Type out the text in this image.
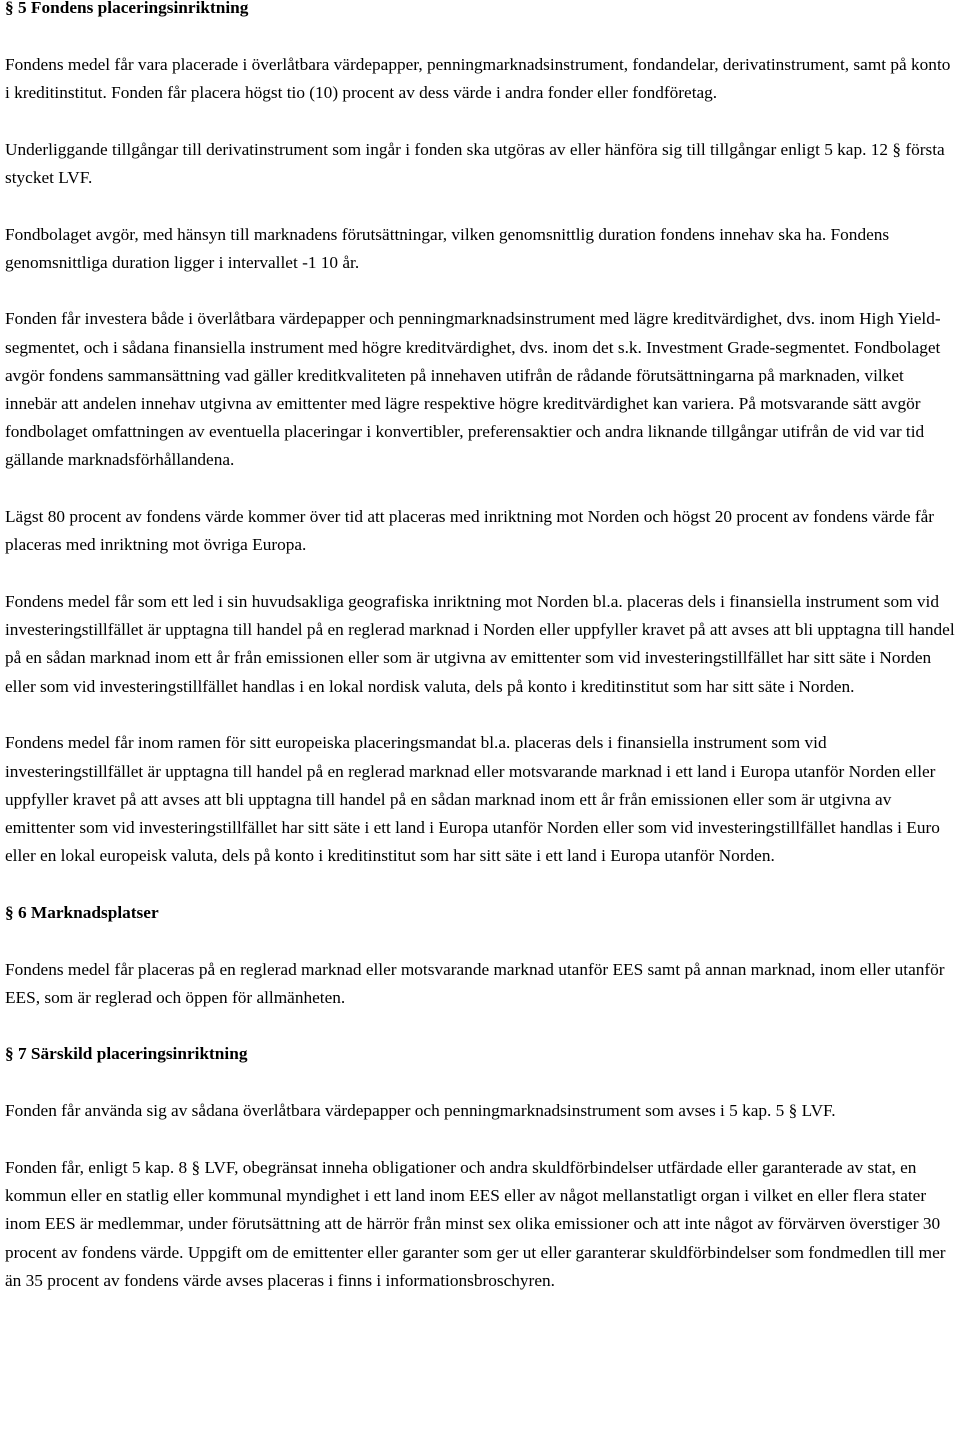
§ 5 Fondens placeringsinriktning

Fondens medel får vara placerade i överlåtbara värdepapper, penningmarknadsinstrument, fondandelar, derivatinstrument, samt på konto i kreditinstitut. Fonden får placera högst tio (10) procent av dess värde i andra fonder eller fondföretag.

Underliggande tillgångar till derivatinstrument som ingår i fonden ska utgöras av eller hänföra sig till tillgångar enligt 5 kap. 12 § första stycket LVF.

Fondbolaget avgör, med hänsyn till marknadens förutsättningar, vilken genomsnittlig duration fondens innehav ska ha. Fondens genomsnittliga duration ligger i intervallet -1 10 år.

Fonden får investera både i överlåtbara värdepapper och penningmarknadsinstrument med lägre kreditvärdighet, dvs. inom High Yield-segmentet, och i sådana finansiella instrument med högre kreditvärdighet, dvs. inom det s.k. Investment Grade-segmentet. Fondbolaget avgör fondens sammansättning vad gäller kreditkvaliteten på innehaven utifrån de rådande förutsättningarna på marknaden, vilket innebär att andelen innehav utgivna av emittenter med lägre respektive högre kreditvärdighet kan variera. På motsvarande sätt avgör fondbolaget omfattningen av eventuella placeringar i konvertibler, preferensaktier och andra liknande tillgångar utifrån de vid var tid gällande marknadsförhållandena.

Lägst 80 procent av fondens värde kommer över tid att placeras med inriktning mot Norden och högst 20 procent av fondens värde får placeras med inriktning mot övriga Europa.

Fondens medel får som ett led i sin huvudsakliga geografiska inriktning mot Norden bl.a. placeras dels i finansiella instrument som vid investeringstillfället är upptagna till handel på en reglerad marknad i Norden eller uppfyller kravet på att avses att bli upptagna till handel på en sådan marknad inom ett år från emissionen eller som är utgivna av emittenter som vid investeringstillfället har sitt säte i Norden eller som vid investeringstillfället handlas i en lokal nordisk valuta, dels på konto i kreditinstitut som har sitt säte i Norden.

Fondens medel får inom ramen för sitt europeiska placeringsmandat bl.a. placeras dels i finansiella instrument som vid investeringstillfället är upptagna till handel på en reglerad marknad eller motsvarande marknad i ett land i Europa utanför Norden eller uppfyller kravet på att avses att bli upptagna till handel på en sådan marknad inom ett år från emissionen eller som är utgivna av emittenter som vid investeringstillfället har sitt säte i ett land i Europa utanför Norden eller som vid investeringstillfället handlas i Euro eller en lokal europeisk valuta, dels på konto i kreditinstitut som har sitt säte i ett land i Europa utanför Norden.

§ 6 Marknadsplatser

Fondens medel får placeras på en reglerad marknad eller motsvarande marknad utanför EES samt på annan marknad, inom eller utanför EES, som är reglerad och öppen för allmänheten.

§ 7 Särskild placeringsinriktning

Fonden får använda sig av sådana överlåtbara värdepapper och penningmarknadsinstrument som avses i 5 kap. 5 § LVF.

Fonden får, enligt 5 kap. 8 § LVF, obegränsat inneha obligationer och andra skuldförbindelser utfärdade eller garanterade av stat, en kommun eller en statlig eller kommunal myndighet i ett land inom EES eller av något mellanstatligt organ i vilket en eller flera stater inom EES är medlemmar, under förutsättning att de härrör från minst sex olika emissioner och att inte något av förvärven överstiger 30 procent av fondens värde. Uppgift om de emittenter eller garanter som ger ut eller garanterar skuldförbindelser som fondmedlen till mer än 35 procent av fondens värde avses placeras i finns i informationsbroschyren.
